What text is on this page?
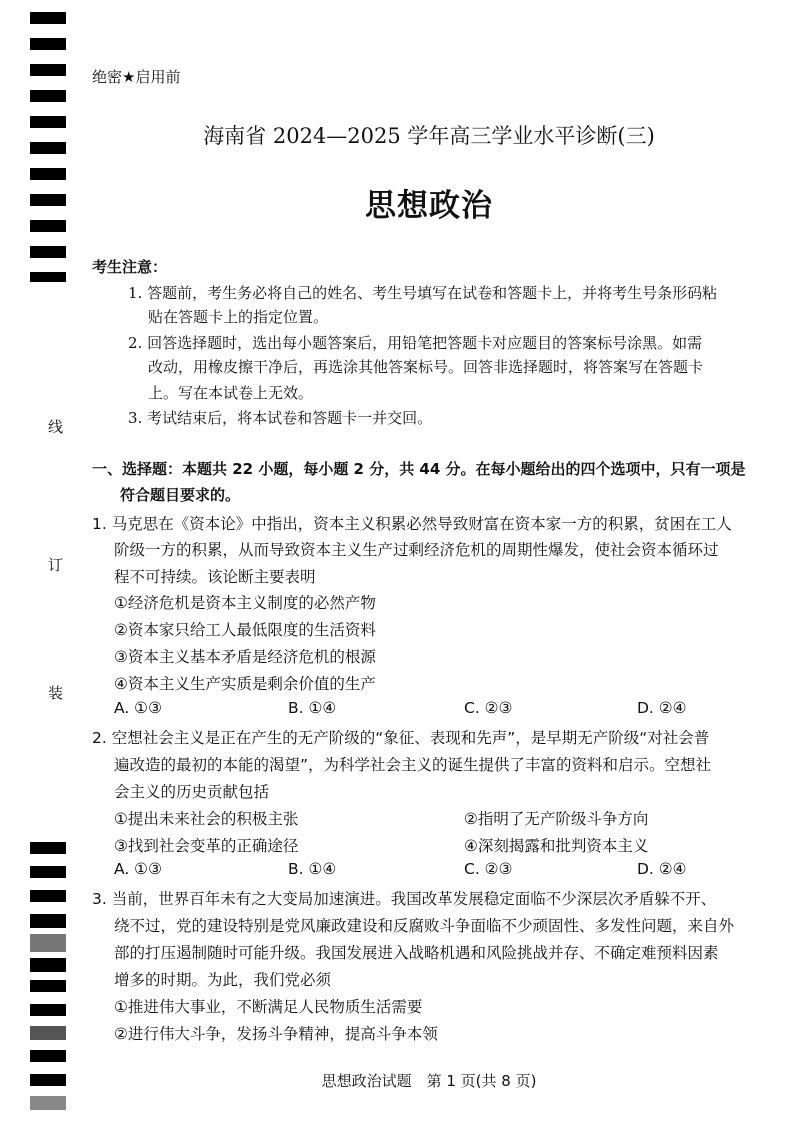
线
订
装
绝密★启用前
海南省 2024—2025 学年高三学业水平诊断(三)
思想政治
考生注意：
1. 答题前，考生务必将自己的姓名、考生号填写在试卷和答题卡上，并将考生号条形码粘
贴在答题卡上的指定位置。
2. 回答选择题时，选出每小题答案后，用铅笔把答题卡对应题目的答案标号涂黑。如需
改动，用橡皮擦干净后，再选涂其他答案标号。回答非选择题时，将答案写在答题卡
上。写在本试卷上无效。
3. 考试结束后，将本试卷和答题卡一并交回。
一、选择题：本题共 22 小题，每小题 2 分，共 44 分。在每小题给出的四个选项中，只有一项是
符合题目要求的。
1. 马克思在《资本论》中指出，资本主义积累必然导致财富在资本家一方的积累，贫困在工人
阶级一方的积累，从而导致资本主义生产过剩经济危机的周期性爆发，使社会资本循环过
程不可持续。该论断主要表明
①经济危机是资本主义制度的必然产物
②资本家只给工人最低限度的生活资料
③资本主义基本矛盾是经济危机的根源
④资本主义生产实质是剩余价值的生产
A. ①③	B. ①④	C. ②③	D. ②④
2. 空想社会主义是正在产生的无产阶级的“象征、表现和先声”，是早期无产阶级“对社会普
遍改造的最初的本能的渴望”，为科学社会主义的诞生提供了丰富的资料和启示。空想社
会主义的历史贡献包括
①提出未来社会的积极主张	②指明了无产阶级斗争方向
③找到社会变革的正确途径	④深刻揭露和批判资本主义
A. ①③	B. ①④	C. ②③	D. ②④
3. 当前，世界百年未有之大变局加速演进。我国改革发展稳定面临不少深层次矛盾躲不开、
绕不过，党的建设特别是党风廉政建设和反腐败斗争面临不少顽固性、多发性问题，来自外
部的打压遏制随时可能升级。我国发展进入战略机遇和风险挑战并存、不确定难预料因素
增多的时期。为此，我们党必须
①推进伟大事业，不断满足人民物质生活需要
②进行伟大斗争，发扬斗争精神，提高斗争本领
思想政治试题　第 1 页(共 8 页)
